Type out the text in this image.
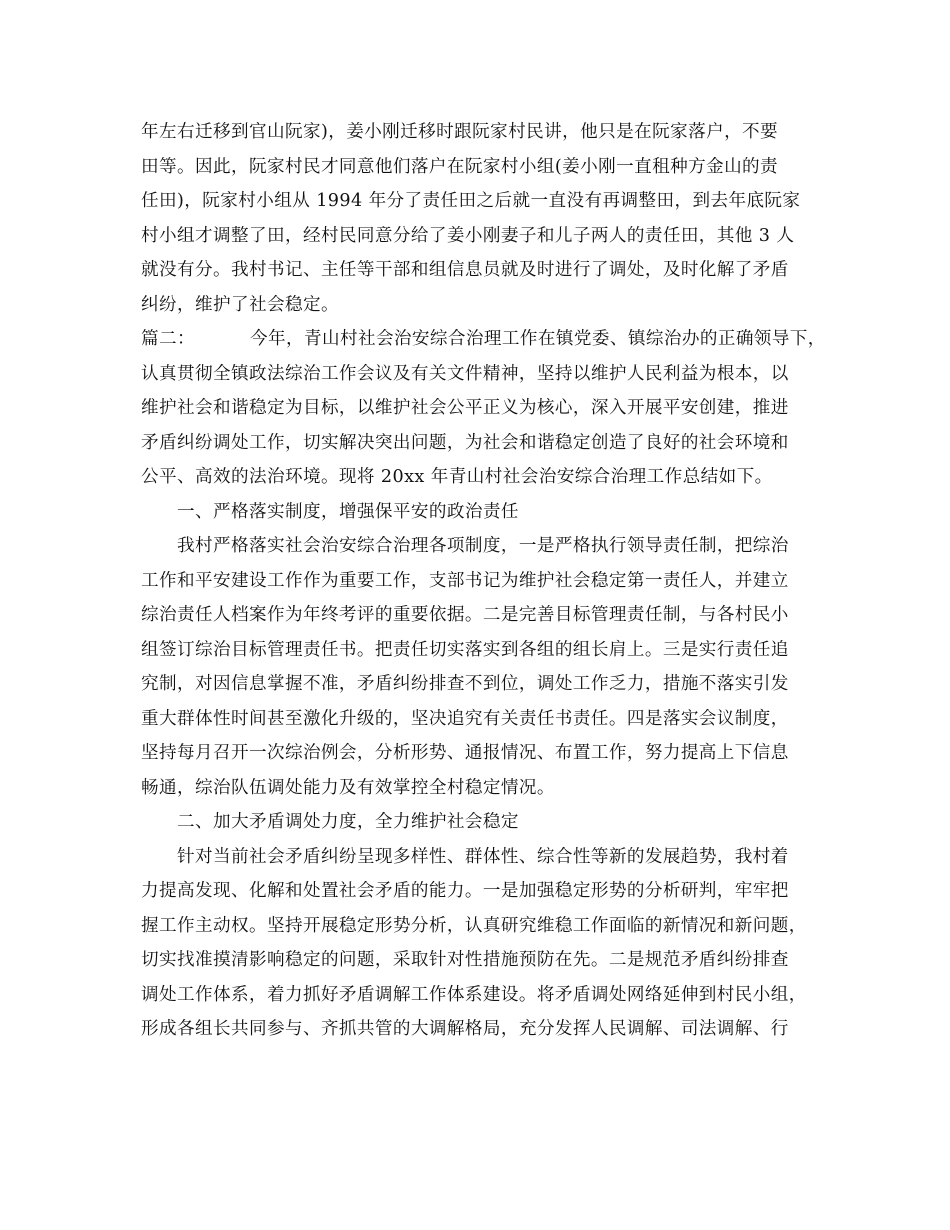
年左右迁移到官山阮家)，姜小刚迁移时跟阮家村民讲，他只是在阮家落户，不要
田等。因此，阮家村民才同意他们落户在阮家村小组(姜小刚一直租种方金山的责
任田)，阮家村小组从 1994 年分了责任田之后就一直没有再调整田，到去年底阮家
村小组才调整了田，经村民同意分给了姜小刚妻子和儿子两人的责任田，其他 3 人
就没有分。我村书记、主任等干部和组信息员就及时进行了调处，及时化解了矛盾
纠纷，维护了社会稳定。
篇二：	今年，青山村社会治安综合治理工作在镇党委、镇综治办的正确领导下，
认真贯彻全镇政法综治工作会议及有关文件精神，坚持以维护人民利益为根本，以
维护社会和谐稳定为目标，以维护社会公平正义为核心，深入开展平安创建，推进
矛盾纠纷调处工作，切实解决突出问题，为社会和谐稳定创造了良好的社会环境和
公平、高效的法治环境。现将 20xx 年青山村社会治安综合治理工作总结如下。
一、严格落实制度，增强保平安的政治责任
我村严格落实社会治安综合治理各项制度，一是严格执行领导责任制，把综治
工作和平安建设工作作为重要工作，支部书记为维护社会稳定第一责任人，并建立
综治责任人档案作为年终考评的重要依据。二是完善目标管理责任制，与各村民小
组签订综治目标管理责任书。把责任切实落实到各组的组长肩上。三是实行责任追
究制，对因信息掌握不准，矛盾纠纷排查不到位，调处工作乏力，措施不落实引发
重大群体性时间甚至激化升级的，坚决追究有关责任书责任。四是落实会议制度，
坚持每月召开一次综治例会，分析形势、通报情况、布置工作，努力提高上下信息
畅通，综治队伍调处能力及有效掌控全村稳定情况。
二、加大矛盾调处力度，全力维护社会稳定
针对当前社会矛盾纠纷呈现多样性、群体性、综合性等新的发展趋势，我村着
力提高发现、化解和处置社会矛盾的能力。一是加强稳定形势的分析研判，牢牢把
握工作主动权。坚持开展稳定形势分析，认真研究维稳工作面临的新情况和新问题，
切实找准摸清影响稳定的问题，采取针对性措施预防在先。二是规范矛盾纠纷排查
调处工作体系，着力抓好矛盾调解工作体系建设。将矛盾调处网络延伸到村民小组，
形成各组长共同参与、齐抓共管的大调解格局，充分发挥人民调解、司法调解、行
